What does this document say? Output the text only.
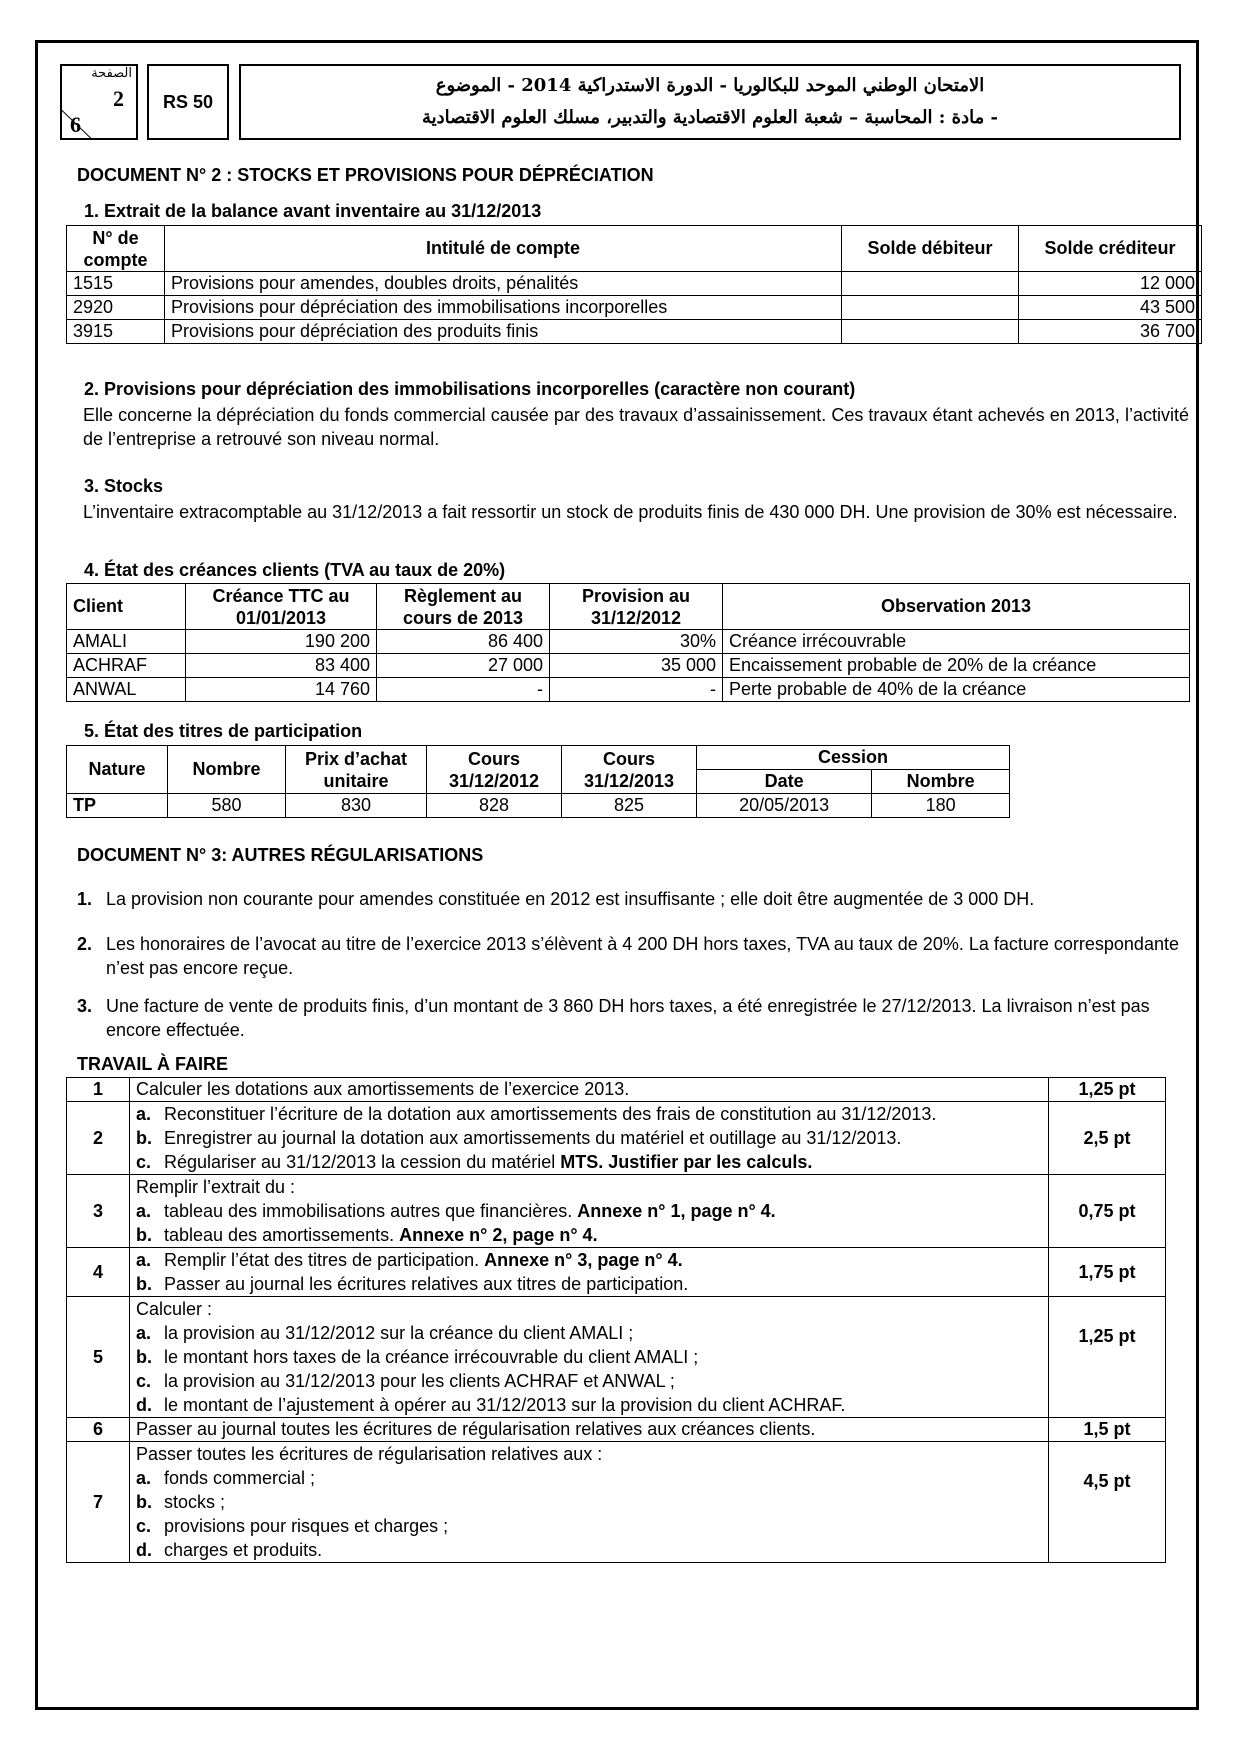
الصفحة
2
6
RS 50
الامتحان الوطني الموحد للبكالوريا - الدورة الاستدراكية 2014 - الموضوع
- مادة : المحاسبة – شعبة العلوم الاقتصادية والتدبير، مسلك العلوم الاقتصادية
DOCUMENT N° 2 : STOCKS ET PROVISIONS POUR DÉPRÉCIATION
1. Extrait de la balance avant inventaire au 31/12/2013
N° de compte	Intitulé de compte	Solde débiteur	Solde créditeur
1515	Provisions pour amendes, doubles droits, pénalités		12 000
2920	Provisions pour dépréciation des immobilisations incorporelles		43 500
3915	Provisions pour dépréciation des produits finis		36 700
2. Provisions pour dépréciation des immobilisations incorporelles (caractère non courant)
Elle concerne la dépréciation du fonds commercial causée par des travaux d’assainissement. Ces travaux étant achevés en 2013, l’activité de l’entreprise a retrouvé son niveau normal.
3. Stocks
L’inventaire extracomptable au 31/12/2013 a fait ressortir un stock de produits finis de 430 000 DH. Une provision de 30% est nécessaire.
4. État des créances clients (TVA au taux de 20%)
Client	Créance TTC au 01/01/2013	Règlement au cours de 2013	Provision au 31/12/2012	Observation 2013
AMALI	190 200	86 400	30%	Créance irrécouvrable
ACHRAF	83 400	27 000	35 000	Encaissement probable de 20% de la créance
ANWAL	14 760	-	-	Perte probable de 40% de la créance
5. État des titres de participation
Nature	Nombre	Prix d’achat unitaire	Cours 31/12/2012	Cours 31/12/2013	Cession	
					Date	Nombre
TP	580	830	828	825	20/05/2013	180
DOCUMENT N° 3: AUTRES RÉGULARISATIONS
1. La provision non courante pour amendes constituée en 2012 est insuffisante ; elle doit être augmentée de 3 000 DH.
2. Les honoraires de l’avocat au titre de l’exercice 2013 s’élèvent à 4 200 DH hors taxes, TVA au taux de 20%. La facture correspondante n’est pas encore reçue.
3. Une facture de vente de produits finis, d’un montant de 3 860 DH hors taxes, a été enregistrée le 27/12/2013. La livraison n’est pas encore effectuée.
TRAVAIL À FAIRE
1	Calculer les dotations aux amortissements de l’exercice 2013.	1,25 pt
2	a. Reconstituer l’écriture de la dotation aux amortissements des frais de constitution au 31/12/2013.
b. Enregistrer au journal la dotation aux amortissements du matériel et outillage au 31/12/2013.
c. Régulariser au 31/12/2013 la cession du matériel MTS. Justifier par les calculs.	2,5 pt
3	Remplir l’extrait du :
a. tableau des immobilisations autres que financières. Annexe n° 1, page n° 4.
b. tableau des amortissements. Annexe n° 2, page n° 4.	0,75 pt
4	a. Remplir l’état des titres de participation. Annexe n° 3, page n° 4.
b. Passer au journal les écritures relatives aux titres de participation.	1,75 pt
5	Calculer :
a. la provision au 31/12/2012 sur la créance du client AMALI ;
b. le montant hors taxes de la créance irrécouvrable du client AMALI ;
c. la provision au 31/12/2013 pour les clients ACHRAF et ANWAL ;
d. le montant de l’ajustement à opérer au 31/12/2013 sur la provision du client ACHRAF.	1,25 pt
6	Passer au journal toutes les écritures de régularisation relatives aux créances clients.	1,5 pt
7	Passer toutes les écritures de régularisation relatives aux :
a. fonds commercial ;
b. stocks ;
c. provisions pour risques et charges ;
d. charges et produits.	4,5 pt
